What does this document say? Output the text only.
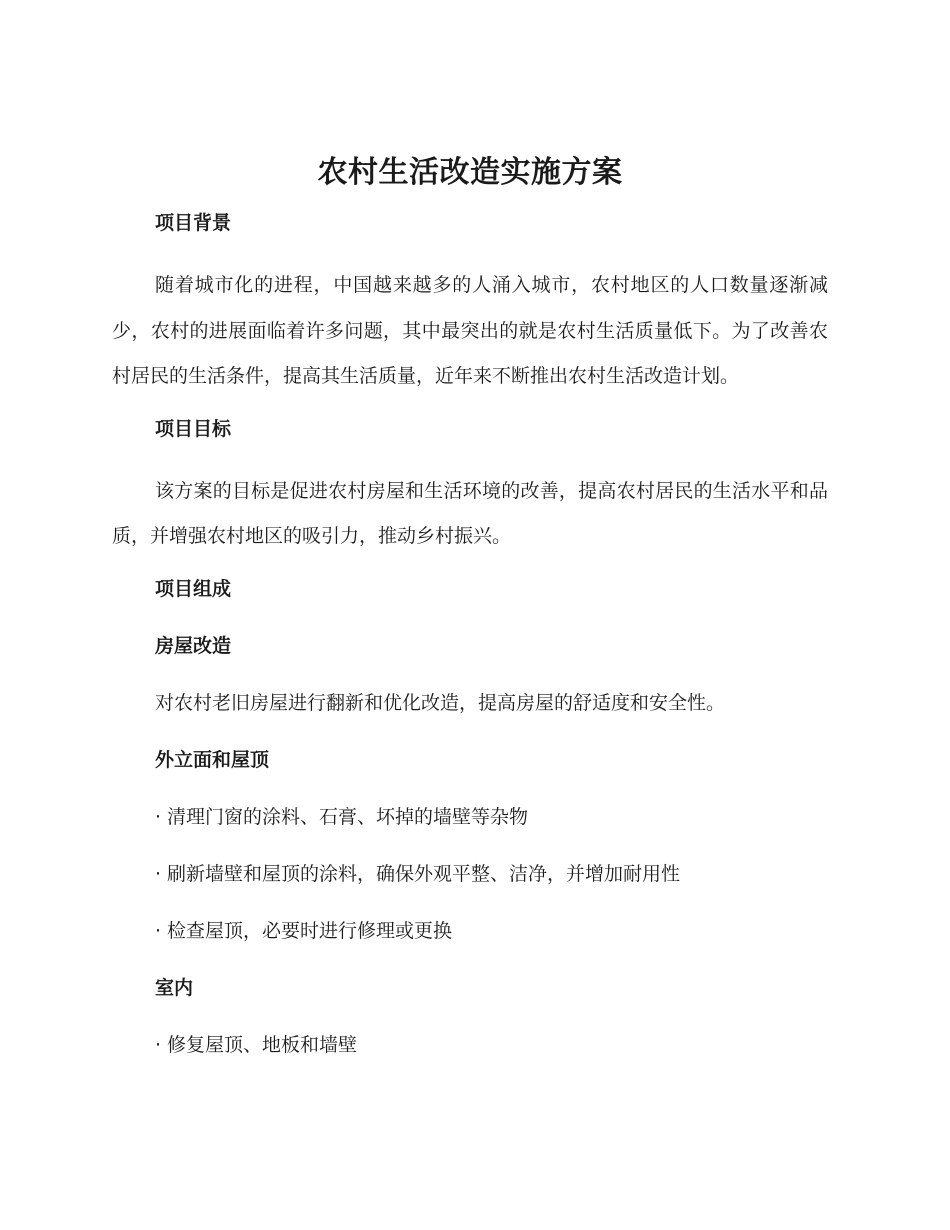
农村生活改造实施方案
项目背景

随着城市化的进程，中国越来越多的人涌入城市，农村地区的人口数量逐渐减少，农村的进展面临着许多问题，其中最突出的就是农村生活质量低下。为了改善农村居民的生活条件，提高其生活质量，近年来不断推出农村生活改造计划。

项目目标

该方案的目标是促进农村房屋和生活环境的改善，提高农村居民的生活水平和品质，并增强农村地区的吸引力，推动乡村振兴。

项目组成
房屋改造
对农村老旧房屋进行翻新和优化改造，提高房屋的舒适度和安全性。
外立面和屋顶
· 清理门窗的涂料、石膏、坏掉的墙壁等杂物
· 刷新墙壁和屋顶的涂料，确保外观平整、洁净，并增加耐用性
· 检查屋顶，必要时进行修理或更换
室内
· 修复屋顶、地板和墙壁
